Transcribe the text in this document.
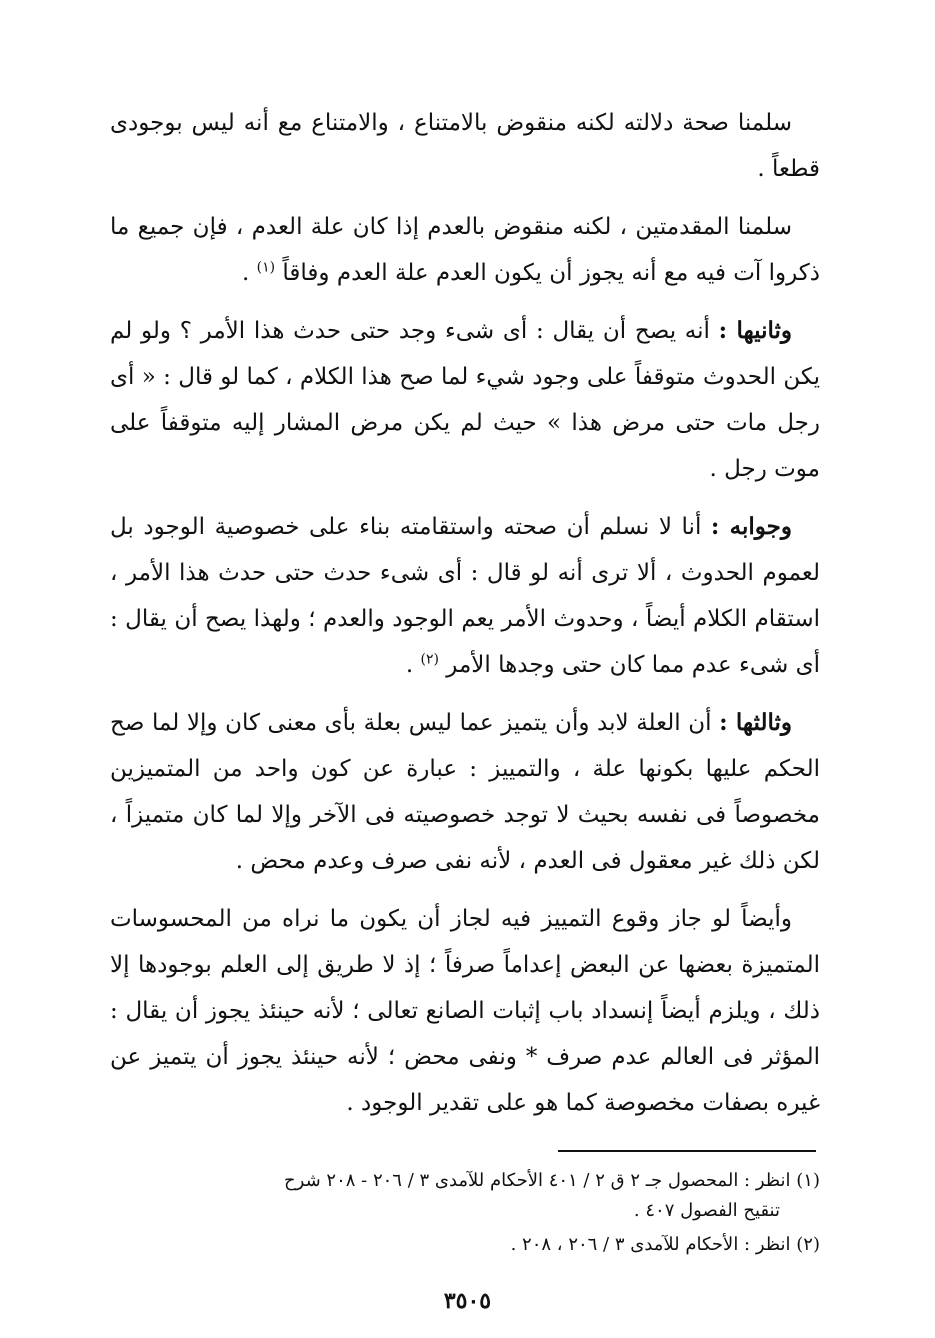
سلمنا صحة دلالته لكنه منقوض بالامتناع ، والامتناع مع أنه ليس بوجودى قطعاً .

سلمنا المقدمتين ، لكنه منقوض بالعدم إذا كان علة العدم ، فإن جميع ما ذكروا آت فيه مع أنه يجوز أن يكون العدم علة العدم وفاقاً $^{(١)}$ .

وثانيها : أنه يصح أن يقال : أى شىء وجد حتى حدث هذا الأمر ؟ ولو لم يكن الحدوث متوقفاً على وجود شيء لما صح هذا الكلام ، كما لو قال : « أى رجل مات حتى مرض هذا » حيث لم يكن مرض المشار إليه متوقفاً على موت رجل .

وجوابه : أنا لا نسلم أن صحته واستقامته بناء على خصوصية الوجود بل لعموم الحدوث ، ألا ترى أنه لو قال : أى شىء حدث حتى حدث هذا الأمر ، استقام الكلام أيضاً ، وحدوث الأمر يعم الوجود والعدم ؛ ولهذا يصح أن يقال : أى شىء عدم مما كان حتى وجدها الأمر $^{(٢)}$ .

وثالثها : أن العلة لابد وأن يتميز عما ليس بعلة بأى معنى كان وإلا لما صح الحكم عليها بكونها علة ، والتمييز : عبارة عن كون واحد من المتميزين مخصوصاً فى نفسه بحيث لا توجد خصوصيته فى الآخر وإلا لما كان متميزاً ، لكن ذلك غير معقول فى العدم ، لأنه نفى صرف وعدم محض .

وأيضاً لو جاز وقوع التمييز فيه لجاز أن يكون ما نراه من المحسوسات المتميزة بعضها عن البعض إعداماً صرفاً ؛ إذ لا طريق إلى العلم بوجودها إلا ذلك ، ويلزم أيضاً إنسداد باب إثبات الصانع تعالى ؛ لأنه حينئذ يجوز أن يقال : المؤثر فى العالم عدم صرف * ونفى محض ؛ لأنه حينئذ يجوز أن يتميز عن غيره بصفات مخصوصة كما هو على تقدير الوجود .

(١) انظر : المحصول جـ ٢ ق ٢ / ٤٠١ الأحكام للآمدى ٣ / ٢٠٦ - ٢٠٨ شرح
تنقيح الفصول ٤٠٧ .
(٢) انظر : الأحكام للآمدى ٣ / ٢٠٦ ، ٢٠٨ .
٣٥٠٥
